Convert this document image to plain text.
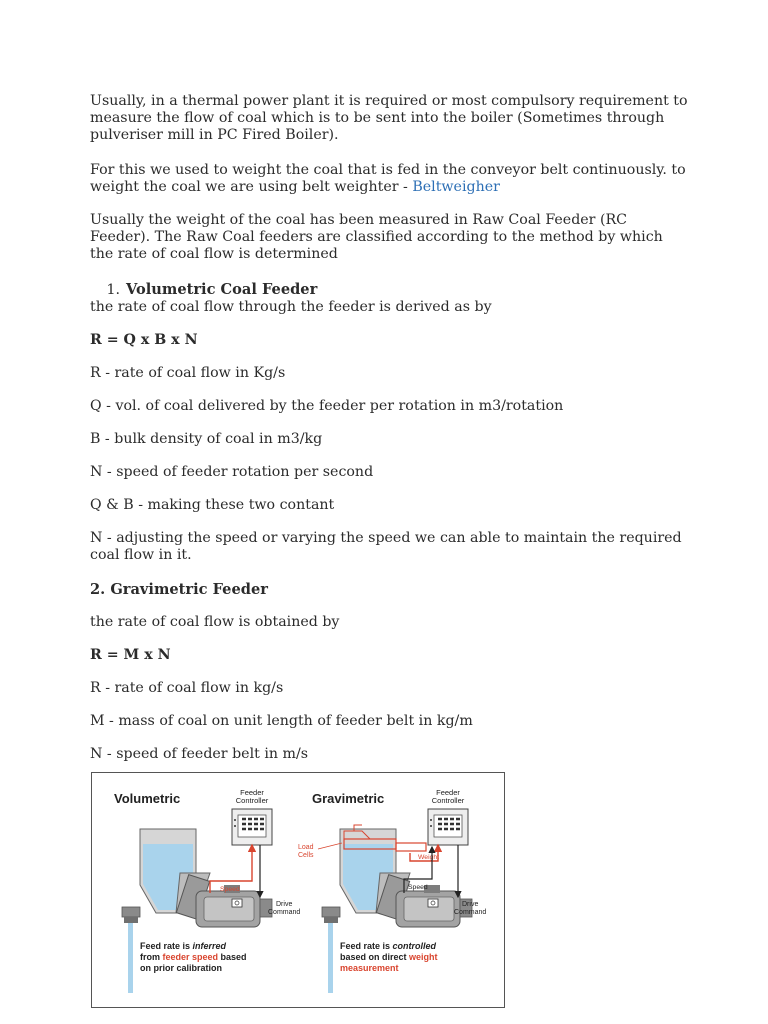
Usually, in a thermal power plant it is required or most compulsory requirement to measure the flow of coal which is to be sent into the boiler (Sometimes through pulveriser mill in PC Fired Boiler).

For this we used to weight the coal that is fed in the conveyor belt continuously. to weight the coal we are using belt weighter - Beltweigher

Usually the weight of the coal has been measured in Raw Coal Feeder (RC Feeder). The Raw Coal feeders are classified according to the method by which the rate of coal flow is determined

1. Volumetric Coal Feeder

the rate of coal flow through the feeder is derived as by

R = Q x B x N

R - rate of coal flow in Kg/s

Q - vol. of coal delivered by the feeder per rotation in m3/rotation

B - bulk density of coal in m3/kg

N - speed of feeder rotation per second

Q & B - making these two contant

N - adjusting the speed or varying the speed we can able to maintain the required coal flow in it.

2. Gravimetric Feeder

the rate of coal flow is obtained by

R = M x N

R - rate of coal flow in kg/s

M - mass of coal on unit length of feeder belt in kg/m

N - speed of feeder belt in m/s

Volumetric	Feeder
Controller
Speed
Drive
Command
Feed rate is inferred
from feeder speed based
on prior calibration
Gravimetric
Load
Cells
Feeder
Controller
Weight
Speed
Drive
Command
Feed rate is controlled
based on direct weight
measurement
